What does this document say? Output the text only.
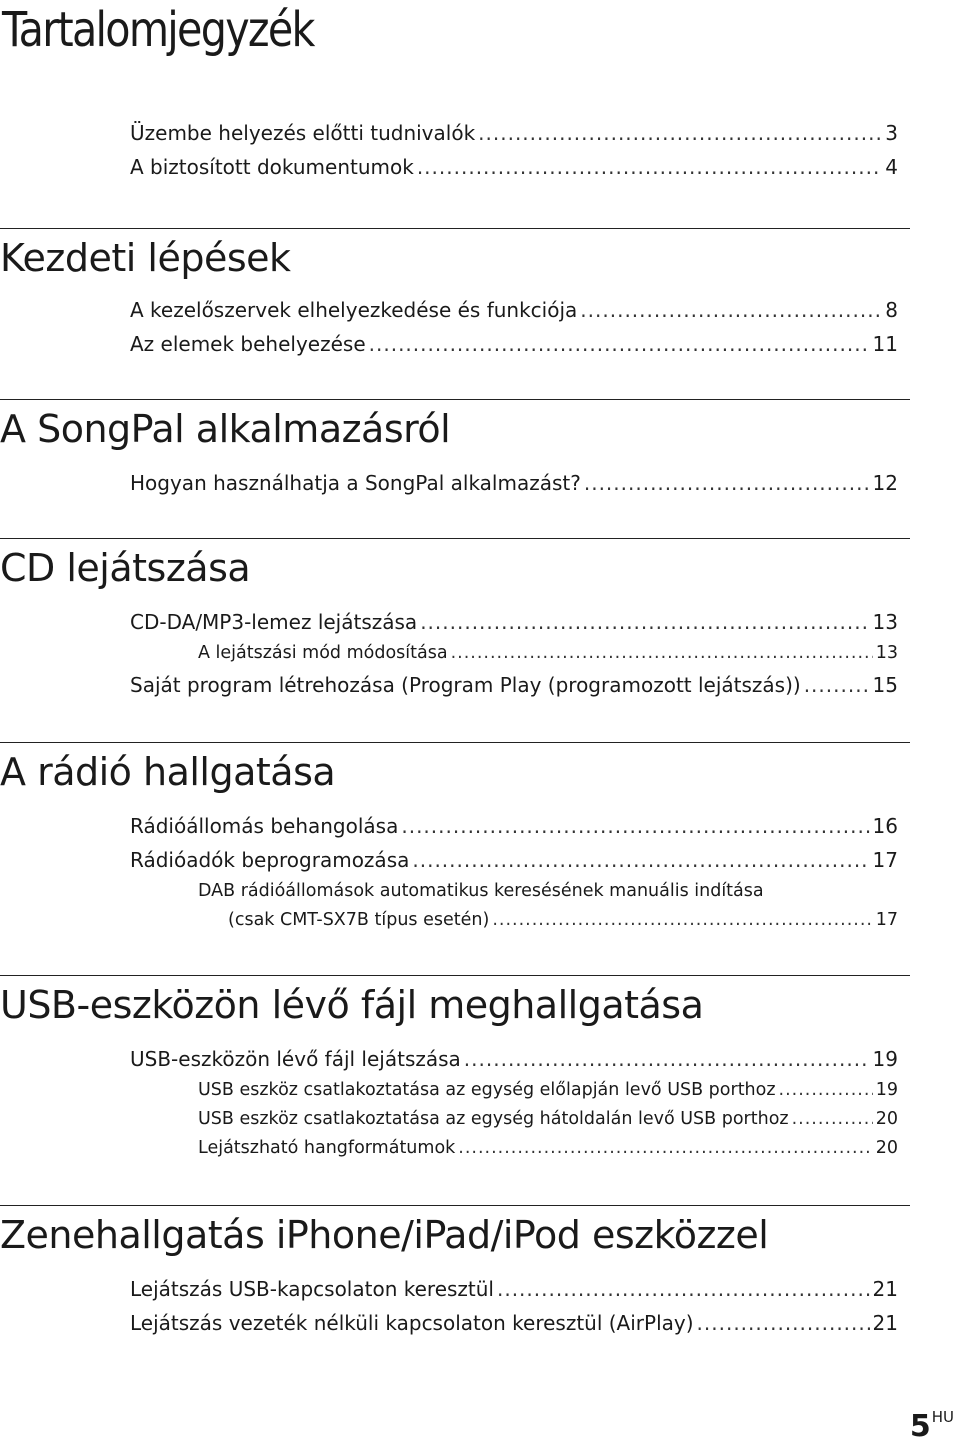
Tartalomjegyzék
Üzembe helyezés előtti tudnivalók .....	3
A biztosított dokumentumok .....	4
Kezdeti lépések
A kezelőszervek elhelyezkedése és funkciója .....	8
Az elemek behelyezése .....	11
A SongPal alkalmazásról
Hogyan használhatja a SongPal alkalmazást? .....	12
CD lejátszása
CD-DA/MP3-lemez lejátszása .....	13
A lejátszási mód módosítása .....	13
Saját program létrehozása (Program Play (programozott lejátszás)) .....	15
A rádió hallgatása
Rádióállomás behangolása .....	16
Rádióadók beprogramozása .....	17
DAB rádióállomások automatikus keresésének manuális indítása
(csak CMT-SX7B típus esetén) .....	17
USB-eszközön lévő fájl meghallgatása
USB-eszközön lévő fájl lejátszása .....	19
USB eszköz csatlakoztatása az egység előlapján levő USB porthoz .....	19
USB eszköz csatlakoztatása az egység hátoldalán levő USB porthoz .....	20
Lejátszható hangformátumok .....	20
Zenehallgatás iPhone/iPad/iPod eszközzel
Lejátszás USB-kapcsolaton keresztül .....	21
Lejátszás vezeték nélküli kapcsolaton keresztül (AirPlay) .....	21
$5^{HU}$
